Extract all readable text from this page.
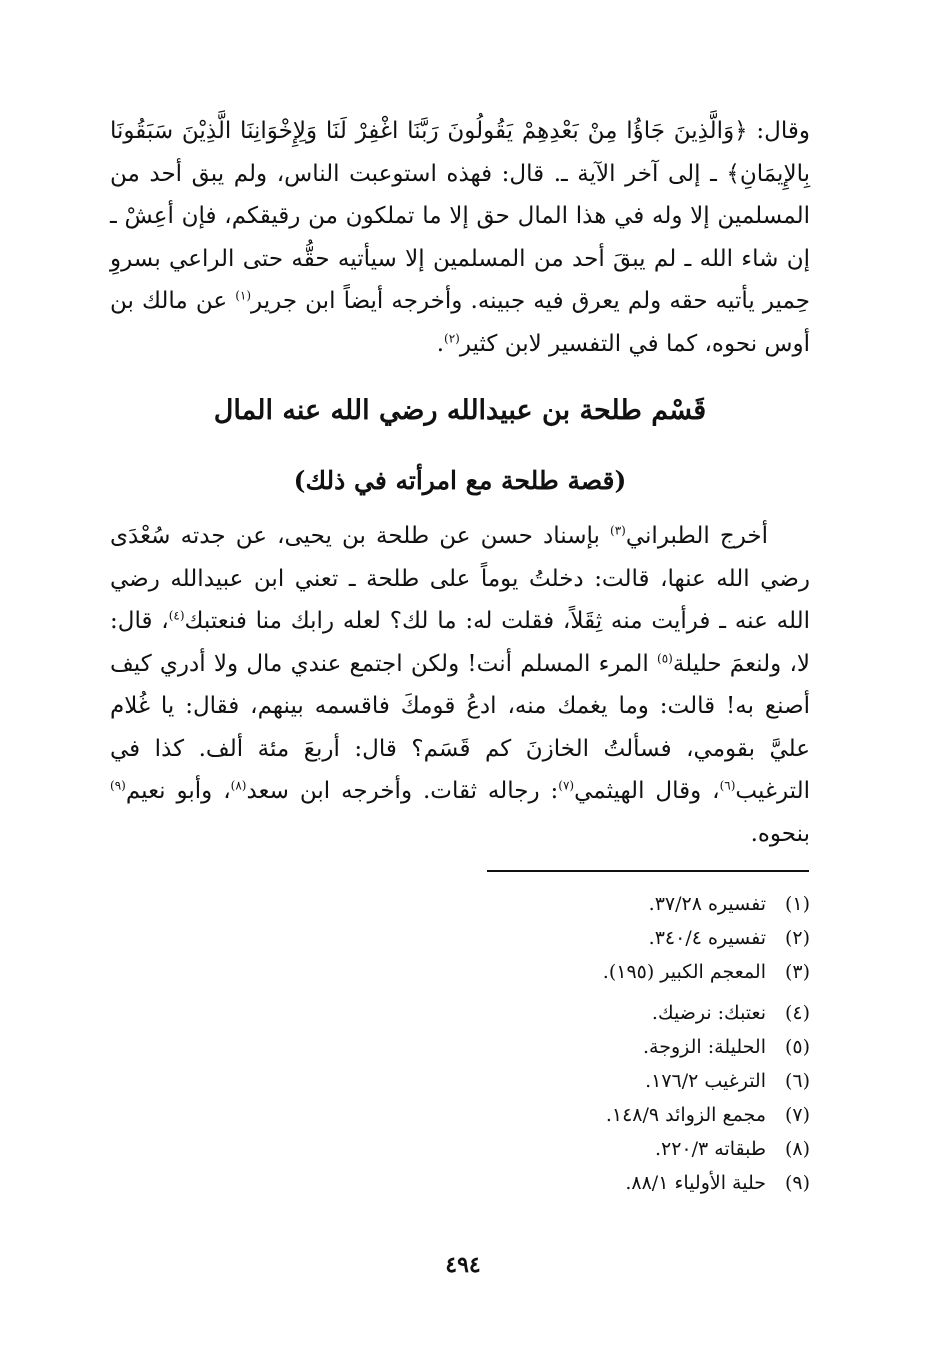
وقال: ﴿وَالَّذِينَ جَاؤُا مِنْ بَعْدِهِمْ يَقُولُونَ رَبَّنَا اغْفِرْ لَنَا وَلِإِخْوَانِنَا الَّذِيْنَ سَبَقُونَا بِالإِيمَانِ﴾ ـ إلى آخر الآية ـ. قال: فهذه استوعبت الناس، ولم يبق أحد من المسلمين إلا وله في هذا المال حق إلا ما تملكون من رقيقكم، فإن أعِشْ ـ إن شاء الله ـ لم يبقَ أحد من المسلمين إلا سيأتيه حقُّه حتى الراعي بسروِ حِمير يأتيه حقه ولم يعرق فيه جبينه. وأخرجه أيضاً ابن جرير$^{(١)}$ عن مالك بن أوس نحوه، كما في التفسير لابن كثير$^{(٢)}$.

قَسْم طلحة بن عبيدالله رضي الله عنه المال
(قصة طلحة مع امرأته في ذلك)

أخرج الطبراني$^{(٣)}$ بإسناد حسن عن طلحة بن يحيى، عن جدته سُعْدَى رضي الله عنها، قالت: دخلتُ يوماً على طلحة ـ تعني ابن عبيدالله رضي الله عنه ـ فرأيت منه ثِقَلاً، فقلت له: ما لك؟ لعله رابك منا فنعتبك$^{(٤)}$، قال: لا، ولنعمَ حليلة$^{(٥)}$ المرء المسلم أنت! ولكن اجتمع عندي مال ولا أدري كيف أصنع به! قالت: وما يغمك منه، ادعُ قومكَ فاقسمه بينهم، فقال: يا غُلام عليَّ بقومي، فسألتُ الخازنَ كم قَسَم؟ قال: أربعَ مئة ألف. كذا في الترغيب$^{(٦)}$، وقال الهيثمي$^{(٧)}$: رجاله ثقات. وأخرجه ابن سعد$^{(٨)}$، وأبو نعيم$^{(٩)}$ بنحوه.

(١)
تفسيره ٣٧/٢٨.
(٢)
تفسيره ٣٤٠/٤.
(٣)
المعجم الكبير (١٩٥).
(٤)
نعتبك: نرضيك.
(٥)
الحليلة: الزوجة.
(٦)
الترغيب ١٧٦/٢.
(٧)
مجمع الزوائد ١٤٨/٩.
(٨)
طبقاته ٢٢٠/٣.
(٩)
حلية الأولياء ٨٨/١.
٤٩٤
